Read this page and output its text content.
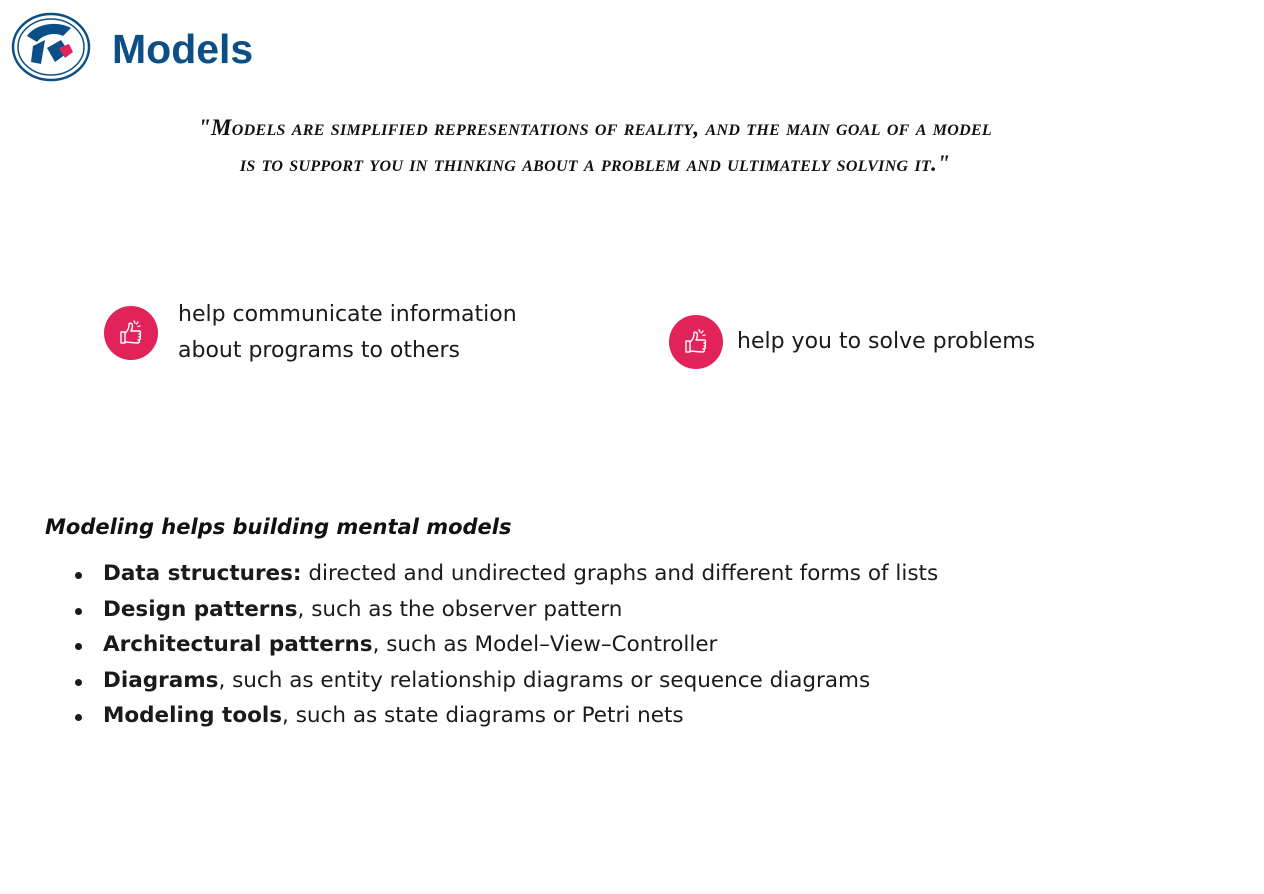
Models
"Models are simplified representations of reality, and the main goal of a model
is to support you in thinking about a problem and ultimately solving it."
help communicate information
about programs to others	help you to solve problems
Modeling helps building mental models
Data structures: directed and undirected graphs and different forms of lists
Design patterns, such as the observer pattern
Architectural patterns, such as Model–View–Controller
Diagrams, such as entity relationship diagrams or sequence diagrams
Modeling tools, such as state diagrams or Petri nets
